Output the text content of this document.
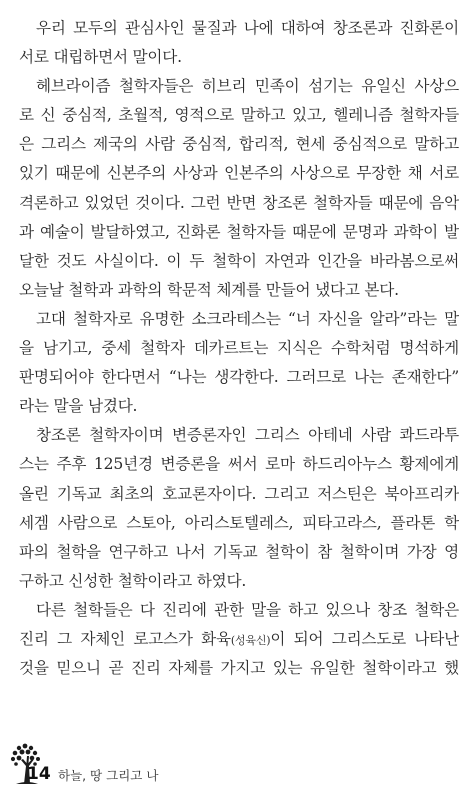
우리 모두의 관심사인 물질과 나에 대하여 창조론과 진화론이
서로 대립하면서 말이다.
헤브라이즘 철학자들은 히브리 민족이 섬기는 유일신 사상으
로 신 중심적, 초월적, 영적으로 말하고 있고, 헬레니즘 철학자들
은 그리스 제국의 사람 중심적, 합리적, 현세 중심적으로 말하고
있기 때문에 신본주의 사상과 인본주의 사상으로 무장한 채 서로
격론하고 있었던 것이다. 그런 반면 창조론 철학자들 때문에 음악
과 예술이 발달하였고, 진화론 철학자들 때문에 문명과 과학이 발
달한 것도 사실이다. 이 두 철학이 자연과 인간을 바라봄으로써
오늘날 철학과 과학의 학문적 체계를 만들어 냈다고 본다.
고대 철학자로 유명한 소크라테스는 “너 자신을 알라”라는 말
을 남기고, 중세 철학자 데카르트는 지식은 수학처럼 명석하게
판명되어야 한다면서 “나는 생각한다. 그러므로 나는 존재한다”
라는 말을 남겼다.
창조론 철학자이며 변증론자인 그리스 아테네 사람 콰드라투
스는 주후 125년경 변증론을 써서 로마 하드리아누스 황제에게
올린 기독교 최초의 호교론자이다. 그리고 저스틴은 북아프리카
세겜 사람으로 스토아, 아리스토텔레스, 피타고라스, 플라톤 학
파의 철학을 연구하고 나서 기독교 철학이 참 철학이며 가장 영
구하고 신성한 철학이라고 하였다.
다른 철학들은 다 진리에 관한 말을 하고 있으나 창조 철학은
진리 그 자체인 로고스가 화육(성육신)이 되어 그리스도로 나타난
것을 믿으니 곧 진리 자체를 가지고 있는 유일한 철학이라고 했
14 하늘, 땅 그리고 나
